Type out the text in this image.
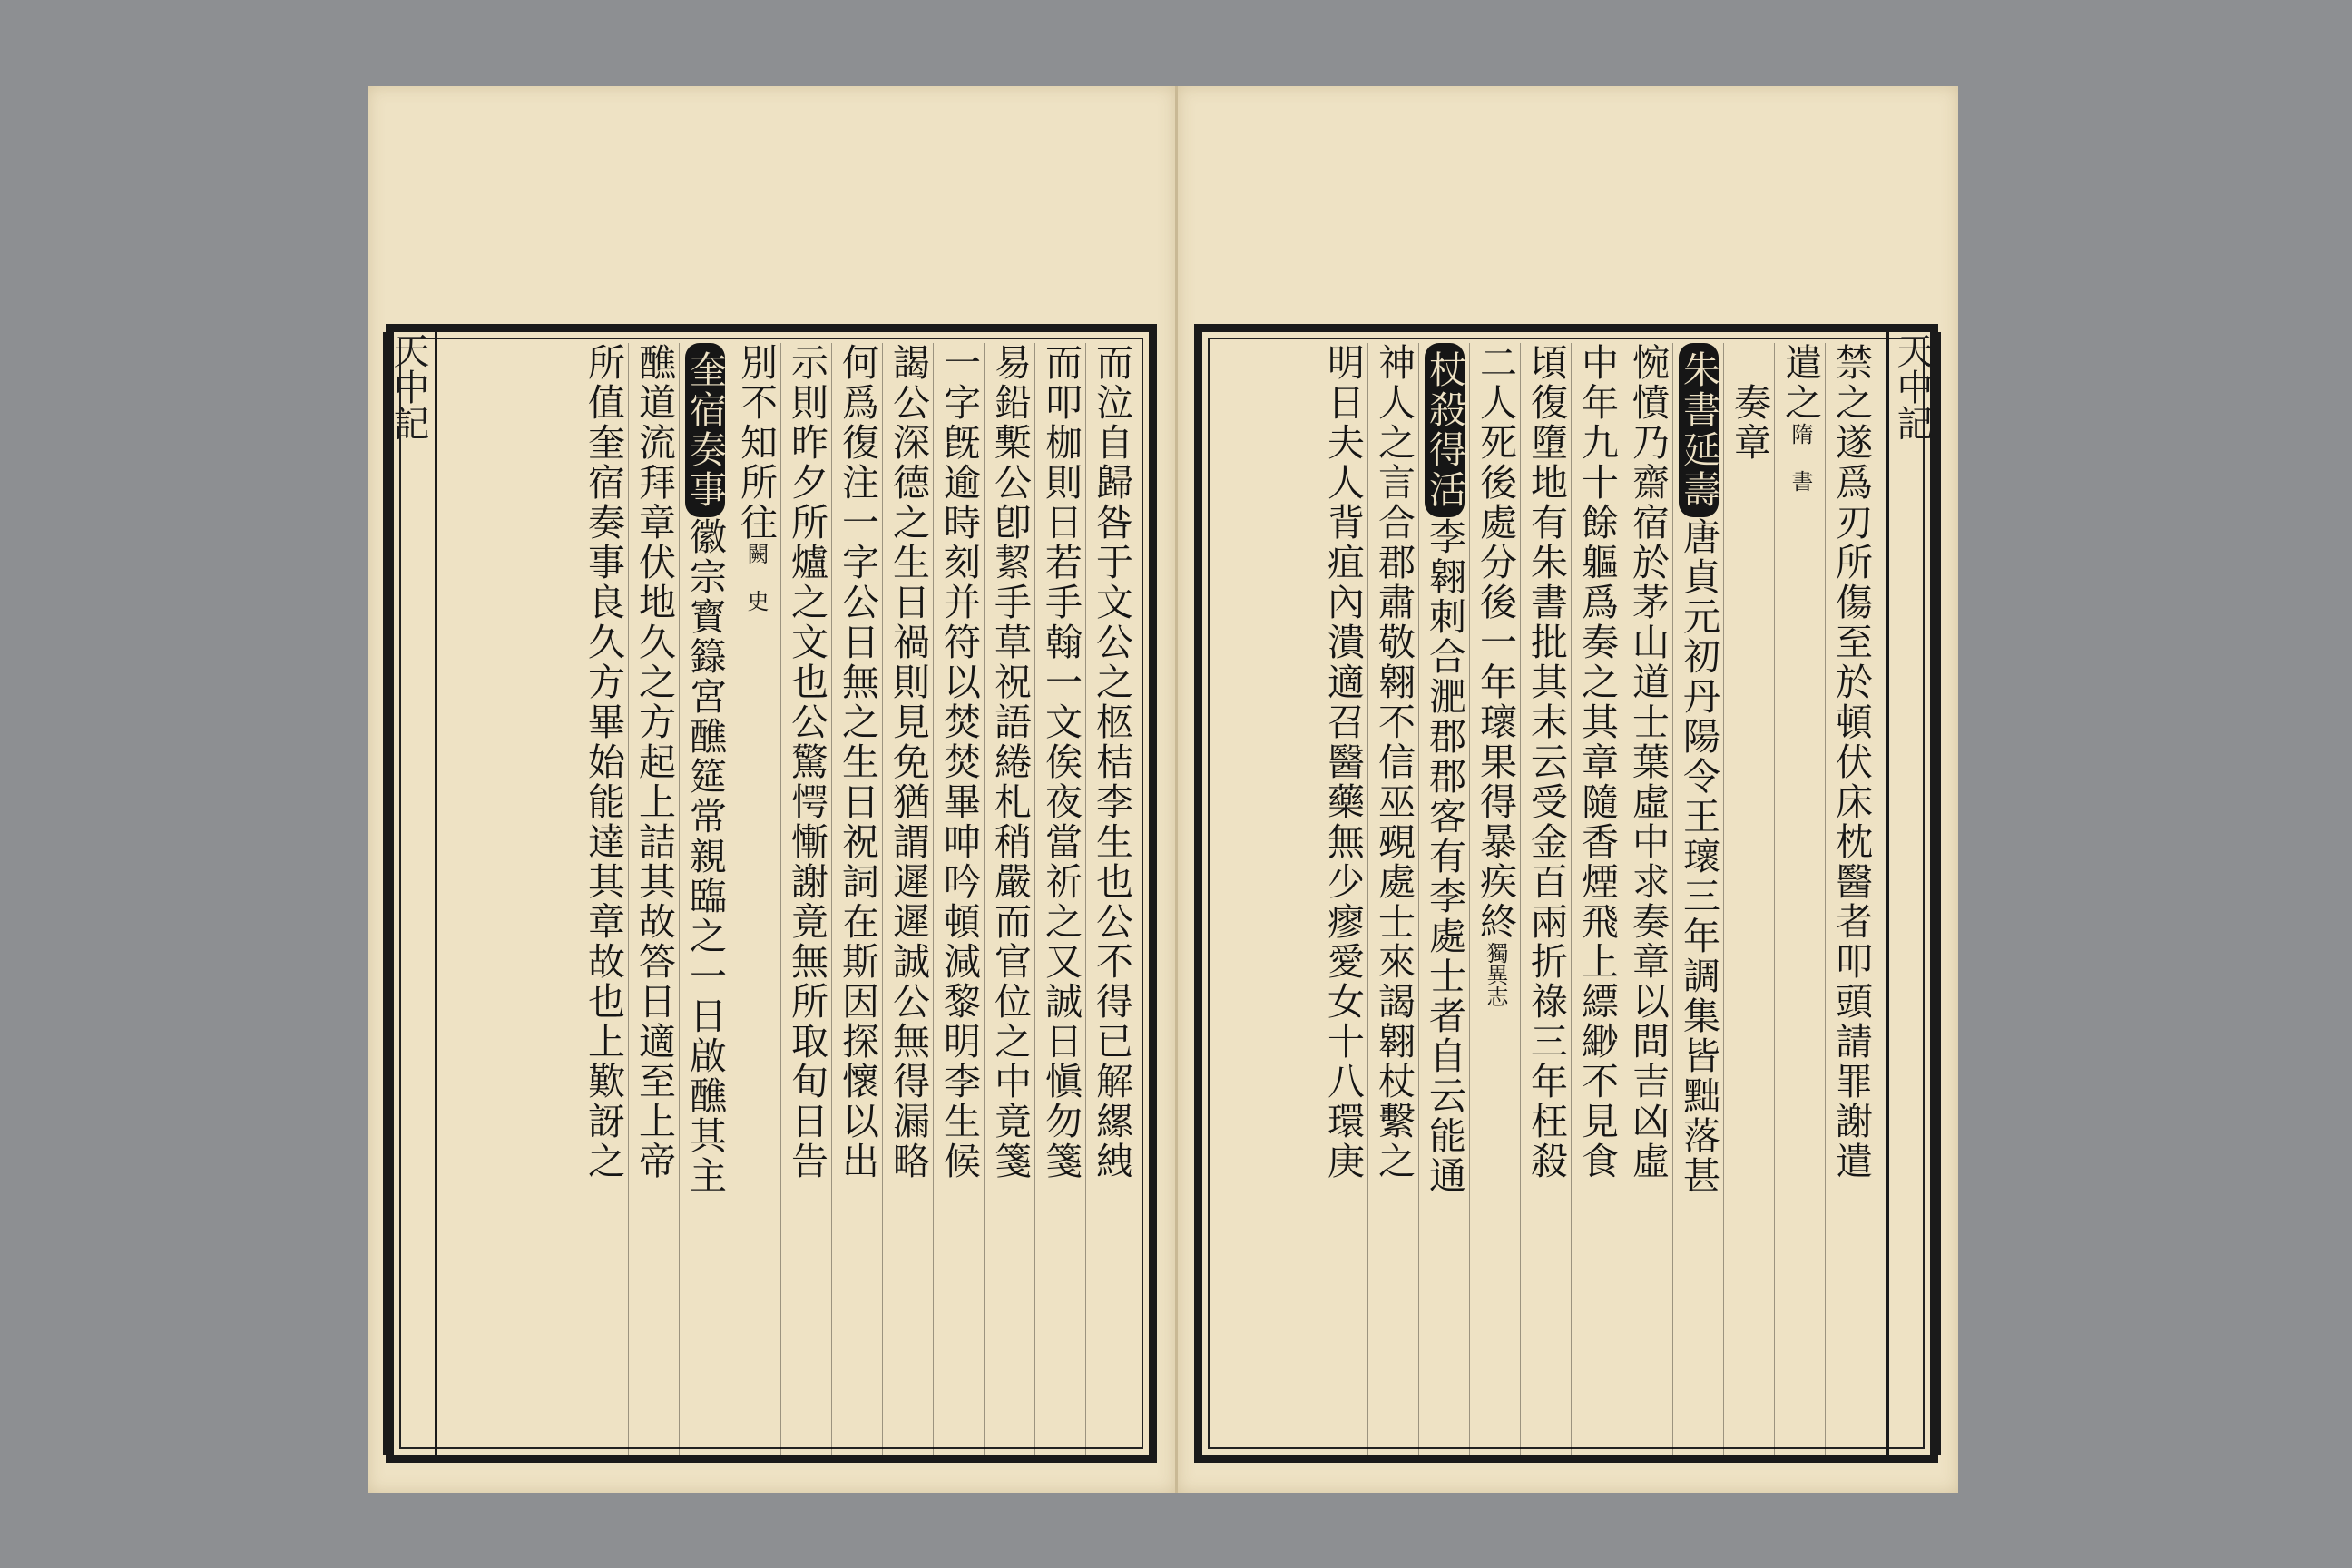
天中記	而泣自歸咎于文公之柩桔李生也公不得已解縲絏
而叩枷則日若手翰一文俟夜當祈之又誠日愼勿箋
易鉛槧公卽絜手草祝語綣札稍嚴而官位之中竟箋
一字旣逾時刻并符以焚焚畢呻吟頓減黎明李生候
謁公深德之生日禍則見免猶謂遲遲誠公無得漏略
何爲復注一字公日無之生日祝詞在斯因探懷以出
示則昨夕所爐之文也公驚愕慚謝竟無所取旬日告
別不知所往闕 史
奎宿奏事徽宗寳籙宮醮筵常親臨之一日啟醮其主
醮道流拜章伏地久之方起上詰其故答日適至上帝
所值奎宿奏事良久方畢始能達其章故也上歎訝之	禁之遂爲刃所傷至於頓伏床枕醫者叩頭請罪謝遣
遣之隋 書
　奏章
朱書延壽唐貞元初丹陽令王瓌三年調集皆黜落甚
惋憤乃齋宿於茅山道士葉虛中求奏章以問吉凶虛
中年九十餘軀爲奏之其章隨香煙飛上縹緲不見食
頃復墮地有朱書批其末云受金百兩折祿三年枉殺
二人死後處分後一年瓌果得暴疾終獨異志
杖殺得活李翱刺合淝郡郡客有李處士者自云能通
神人之言合郡肅敬翱不信巫覡處士來謁翱杖繫之
明日夫人背疽內潰適召醫藥無少瘳愛女十八環庚	天中記
